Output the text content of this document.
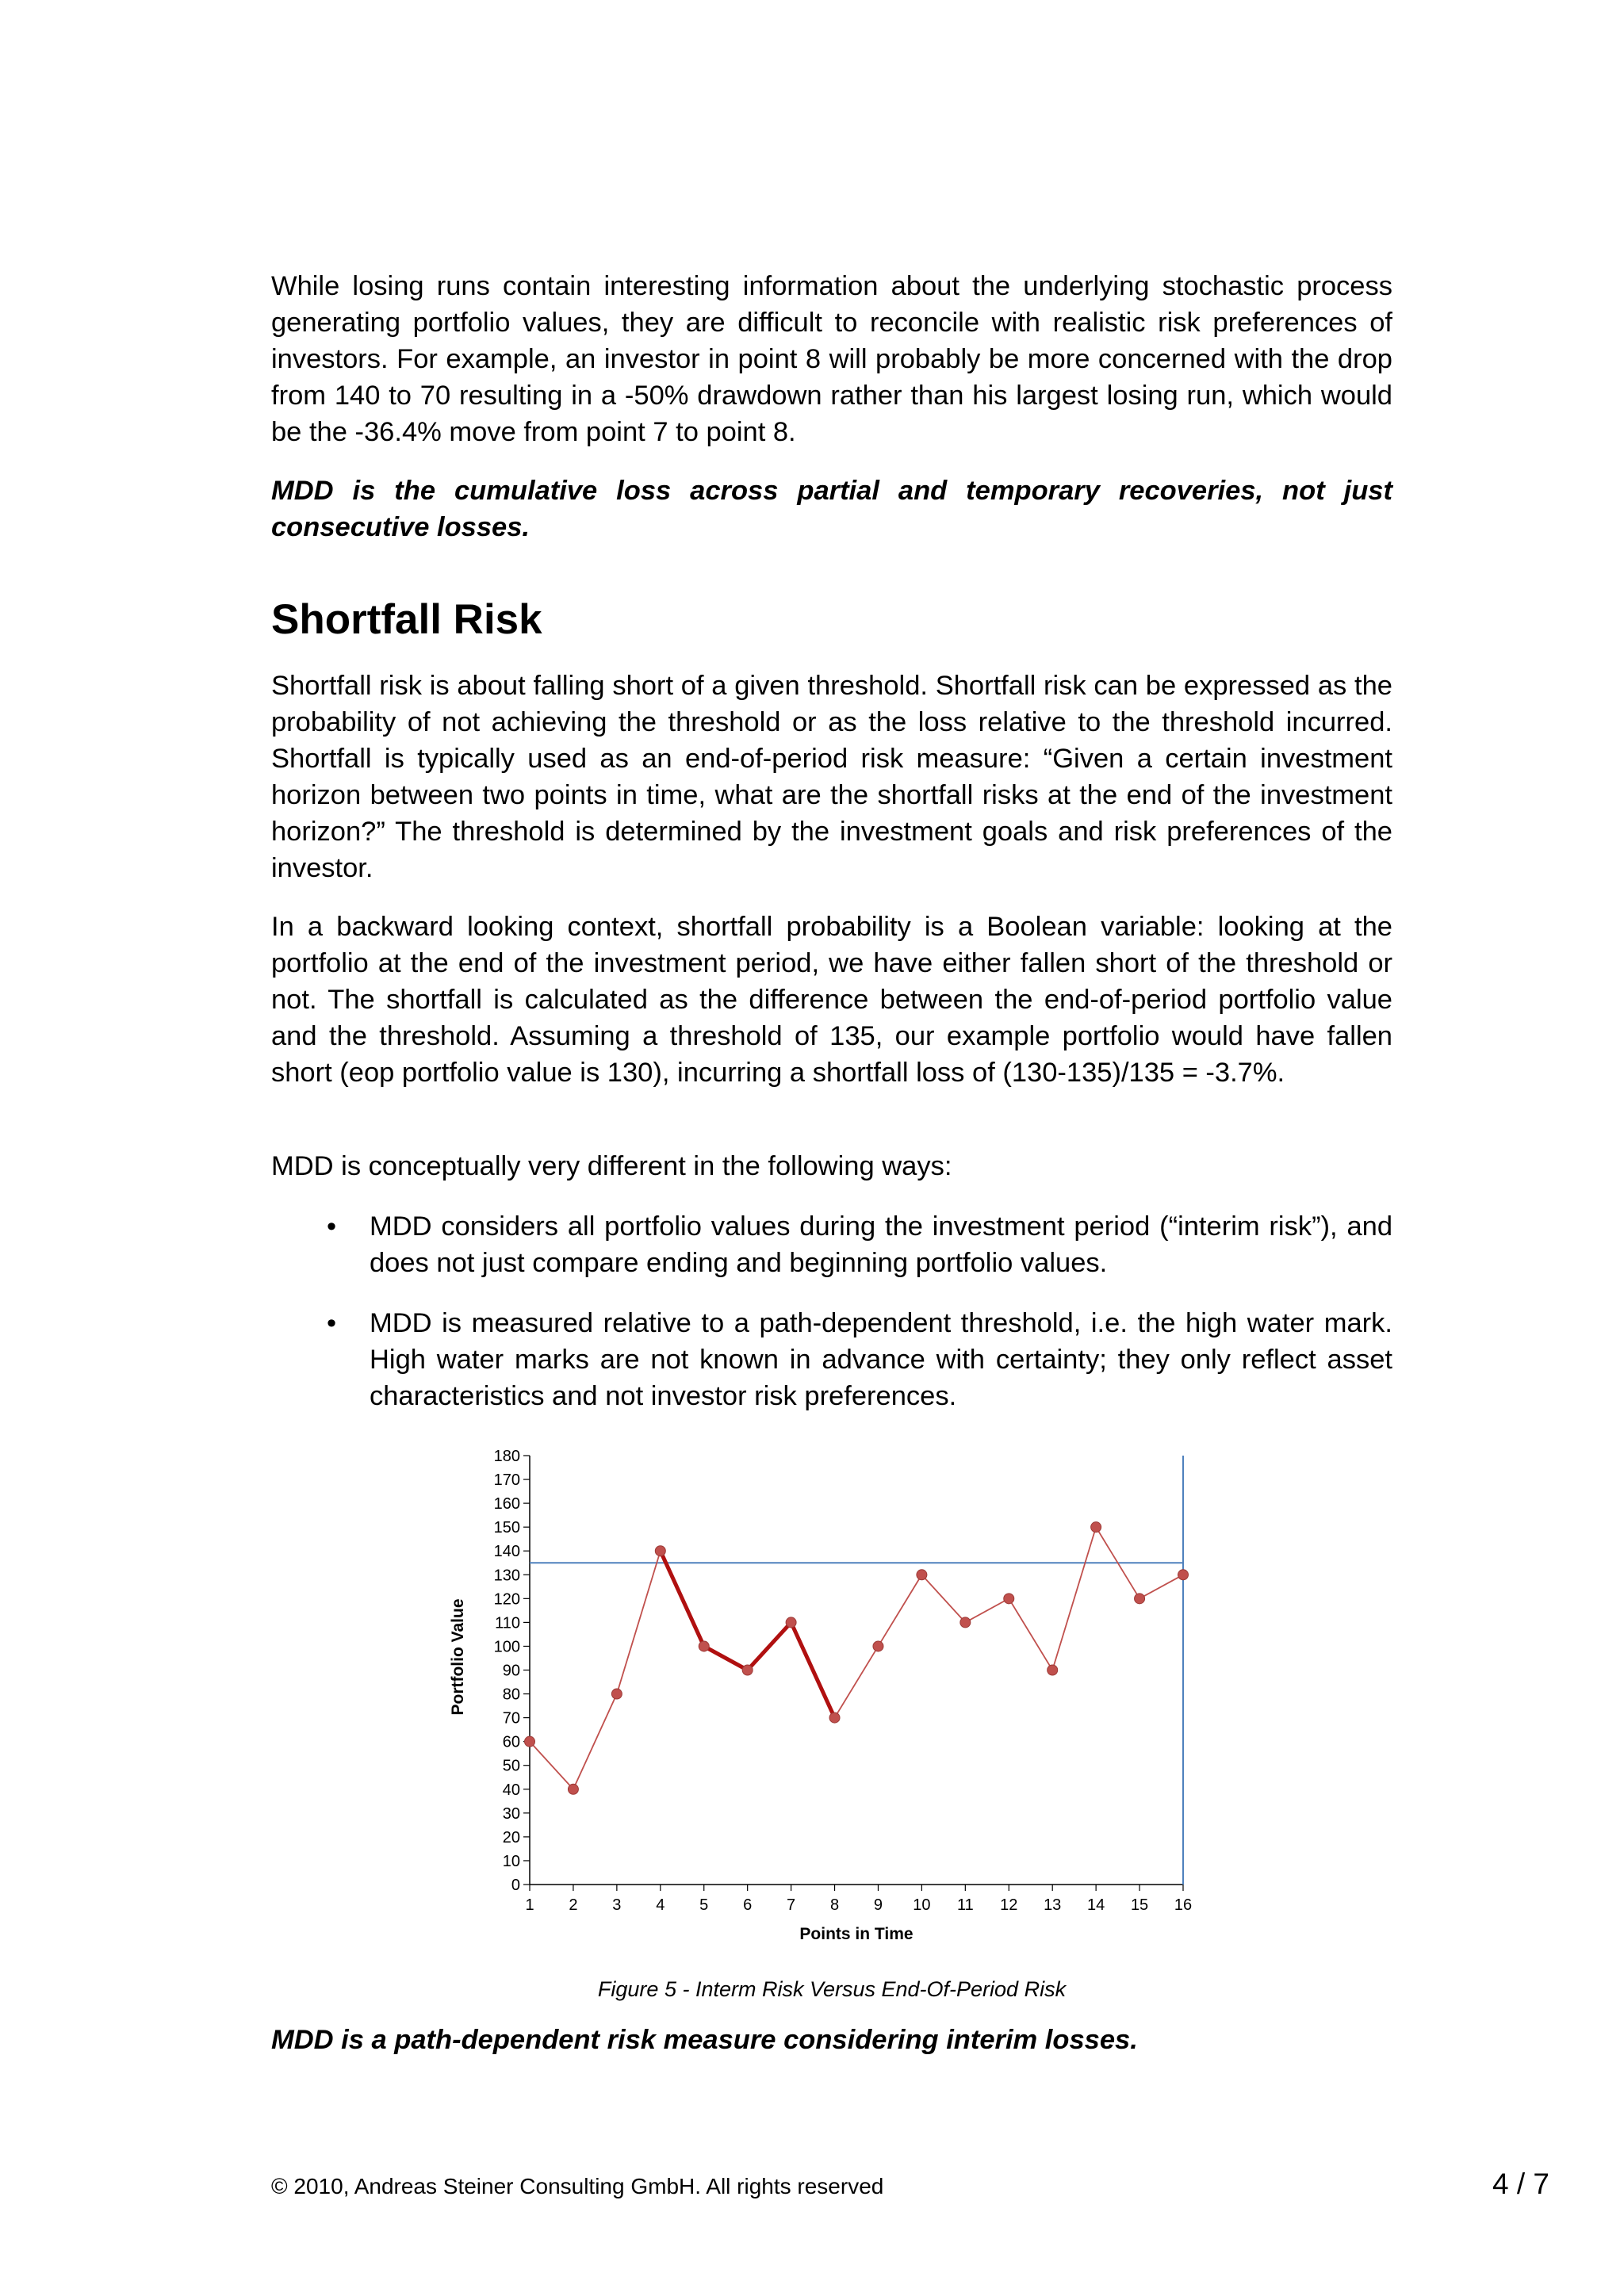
While losing runs contain interesting information about the underlying stochastic process generating portfolio values, they are difficult to reconcile with realistic risk preferences of investors. For example, an investor in point 8 will probably be more concerned with the drop from 140 to 70 resulting in a -50% drawdown rather than his largest losing run, which would be the -36.4% move from point 7 to point 8.

MDD is the cumulative loss across partial and temporary recoveries, not just consecutive losses.

Shortfall Risk

Shortfall risk is about falling short of a given threshold. Shortfall risk can be expressed as the probability of not achieving the threshold or as the loss relative to the threshold incurred. Shortfall is typically used as an end-of-period risk measure: “Given a certain investment horizon between two points in time, what are the shortfall risks at the end of the investment horizon?” The threshold is determined by the investment goals and risk preferences of the investor.

In a backward looking context, shortfall probability is a Boolean variable: looking at the portfolio at the end of the investment period, we have either fallen short of the threshold or not. The shortfall is calculated as the difference between the end-of-period portfolio value and the threshold. Assuming a threshold of 135, our example portfolio would have fallen short (eop portfolio value is 130), incurring a shortfall loss of (130-135)/135 = -3.7%.

MDD is conceptually very different in the following ways:

• MDD considers all portfolio values during the investment period (“interim risk”), and does not just compare ending and beginning portfolio values.
• MDD is measured relative to a path-dependent threshold, i.e. the high water mark. High water marks are not known in advance with certainty; they only reflect asset characteristics and not investor risk preferences.
0
10
20
30
40
50
60
70
80
90
100
110
120
130
140
150
160
170
180
1 2 3 4 5 6 7 8 9 10 11 12 13 14 15 16
Portfolio Value
Points in Time
Figure 5 - Interm Risk Versus End-Of-Period Risk

MDD is a path-dependent risk measure considering interim losses.

© 2010, Andreas Steiner Consulting GmbH. All rights reserved	4 / 7
